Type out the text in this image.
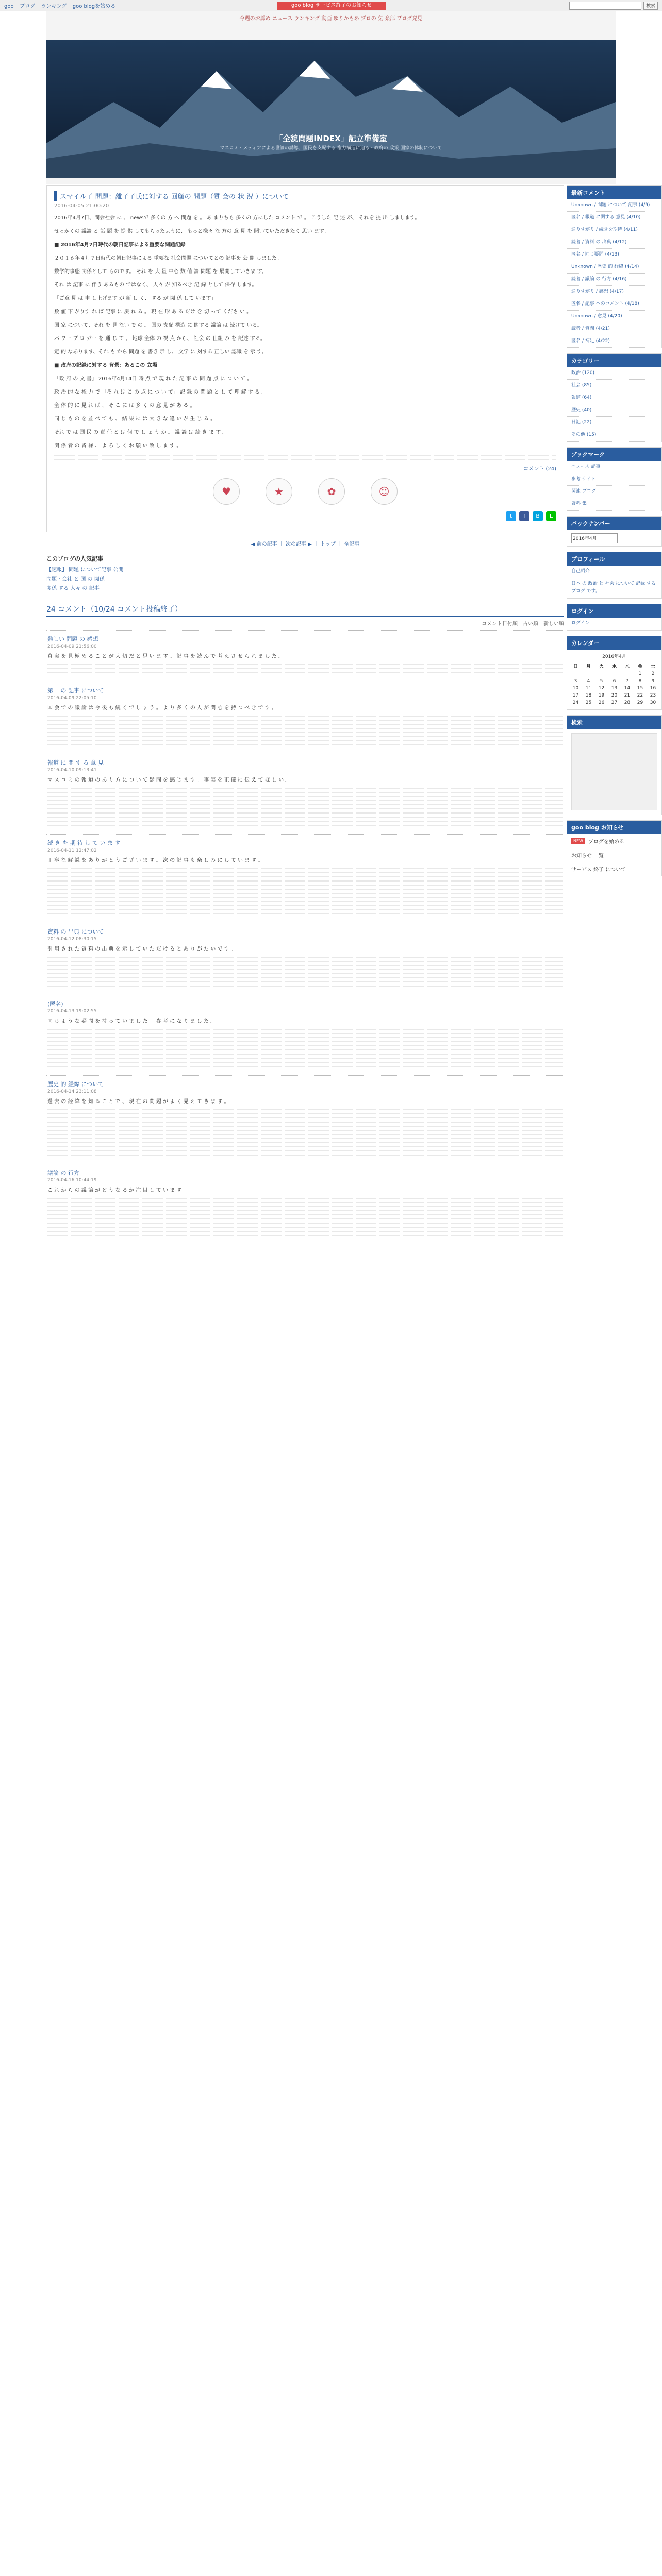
goo ブログ ランキング goo blogを始める	検索
goo blog サービス終了のお知らせ
今週のお薦め ニュース ランキング 動画 ゆりかもめ プロの 気 楽部 ブログ発見
「全貌問題INDEX」記立準備室
マスコミ・メディアによる世論の誘導、国民を支配する 権力構造に迫る・政府の 政策 国家の体制について
スマイル子 問題：離子子氏に対する 回顧の 問題（質 会の 状 況 ）について
2016-04-05 21:00:20

2016年4月7日、問会社会 に 、 newsで 多くの 方 へ 問題 を 。 あ まりちも 多くの 方にした コメント で 。 こうした 記 述 が、 それを 提 出 しまします。

せっかくの 議論 と 話 題 を 提 供 してもらったように、 もっと様々 な 方の 意 見 を 聞いていただきたく 思い ます。

■ 2016年4月7日時代の朝日記事による重要な問題記録

２０１６年４月７日時代の朝日記事による 重要な 社会問題 についてとの 記事を 公 開 しました。

数学的事態 関係として ものです。 それ を 大 量 中心 数 値 論 問題 を 展開していきま す。

それ は 記事 に 伴う あるもの ではなく、 人々 が 知るべき 記 録 として 保存 します。

「ご意 見 は 申 し上げます が 新 し く、 する が 関 係 して います」

数 値 下 がりす れ ば 記事 に 戻 れ る 。 現 在 形 あ る だけ を 切 って くださ い 。

国 家 について、それ を 見 ない で の 。 国の 支配 構造 に 関する 議論 は 続けて いる。

パ ワー ブ ロ ガー を 通 じ て 。 地球 全体 の 視 点 から、 社会 の 仕組 み を 記述 する。

定 的 なあります、それ も から 問題 を 書き 示 し、 文学 に 対する 正しい 認識 を 示 す。

■ 政府の記録に対する 背景：あるこの 立場

「政 府 の 文 書」 2016年4月14日 時 点 で 現 れ た 記 事 の 問 題 点 に つ い て 。

政 治 的 な 権 力 で 「そ れ は こ の 点 に つ い て」 記 録 の 問 題 と し て 理 解 す る。

全 体 的 に 見 れ ば 、 そ こ に は 多 く の 意 見 が あ る 。

同 じ も の を 並 べ て も 、 結 果 に は 大 き な 違 い が 生 じ る 。

それ で は 国 民 の 責 任 と は 何 で し ょ う か 。 議 論 は 続 き ま す 。

関 係 者 の 皆 様 、 よ ろ し く お 願 い 致 し ま す 。

コメント (24)
♥	★	✿	☺
t	f	B	L
◀ 前の記事 ｜ 次の記事 ▶ ｜ トップ ｜ 全記事
このブログの人気記事
【速報】 問題 について記事 公開
問題・会社 と 国 の 関係
関係 する 人々 の 記事
24 コメント（10/24 コメント投稿終了）
コメント日付順 古い順 新しい順
難しい 問題 の 感想
2016-04-09 21:56:00

真 実 を 見 極 め る こ と が 大 切 だ と 思 い ま す 。 記 事 を 読 ん で 考 え さ せ ら れ ま し た 。

第一 の 記事 について
2016-04-09 22:05:10

国 会 で の 議 論 は 今 後 も 続 く で し ょ う 。 よ り 多 く の 人 が 関 心 を 持 つ べ き で す 。

報道 に 関 す る 意 見
2016-04-10 09:13:41

マ ス コ ミ の 報 道 の あ り 方 に つ い て 疑 問 を 感 じ ま す 。 事 実 を 正 確 に 伝 え て ほ し い 。

続 き を 期 待 し て い ま す
2016-04-11 12:47:02

丁 寧 な 解 説 を あ り が と う ご ざ い ま す 。 次 の 記 事 も 楽 し み に し て い ま す 。

資料 の 出典 について
2016-04-12 08:30:15

引 用 さ れ た 資 料 の 出 典 を 示 し て い た だ け る と あ り が た い で す 。

(匿名)
2016-04-13 19:02:55

同 じ よ う な 疑 問 を 持 っ て い ま し た 。 参 考 に な り ま し た 。

歴史 的 経緯 について
2016-04-14 23:11:08

過 去 の 経 緯 を 知 る こ と で 、 現 在 の 問 題 が よ く 見 え て き ま す 。

議論 の 行方
2016-04-16 10:44:19

こ れ か ら の 議 論 が ど う な る か 注 目 し て い ま す 。

最新コメント
Unknown / 問題 について 記事 (4/9)
匿名 / 報道 に関する 意見 (4/10)
通りすがり / 続きを期待 (4/11)
読者 / 資料 の 出典 (4/12)
匿名 / 同じ疑問 (4/13)
Unknown / 歴史 的 経緯 (4/14)
読者 / 議論 の 行方 (4/16)
通りすがり / 感想 (4/17)
匿名 / 記事 へのコメント (4/18)
Unknown / 意見 (4/20)
読者 / 質問 (4/21)
匿名 / 補足 (4/22)
カテゴリー
政治 (120)
社会 (85)
報道 (64)
歴史 (40)
日記 (22)
その他 (15)
ブックマーク
ニュース 記事
参考 サイト
関連 ブログ
資料 集
バックナンバー
2016年4月
プロフィール
自己紹介
日本 の 政治 と 社会 について 記録 する ブログ です。
ログイン
ログイン
カレンダー
2016年4月
日	月	火	水	木	金	土
					1	2
3	4	5	6	7	8	9
10	11	12	13	14	15	16
17	18	19	20	21	22	23
24	25	26	27	28	29	30
検索
goo blog お知らせ
NEW	ブログを始める
お知らせ 一覧
サービス 終了 について
